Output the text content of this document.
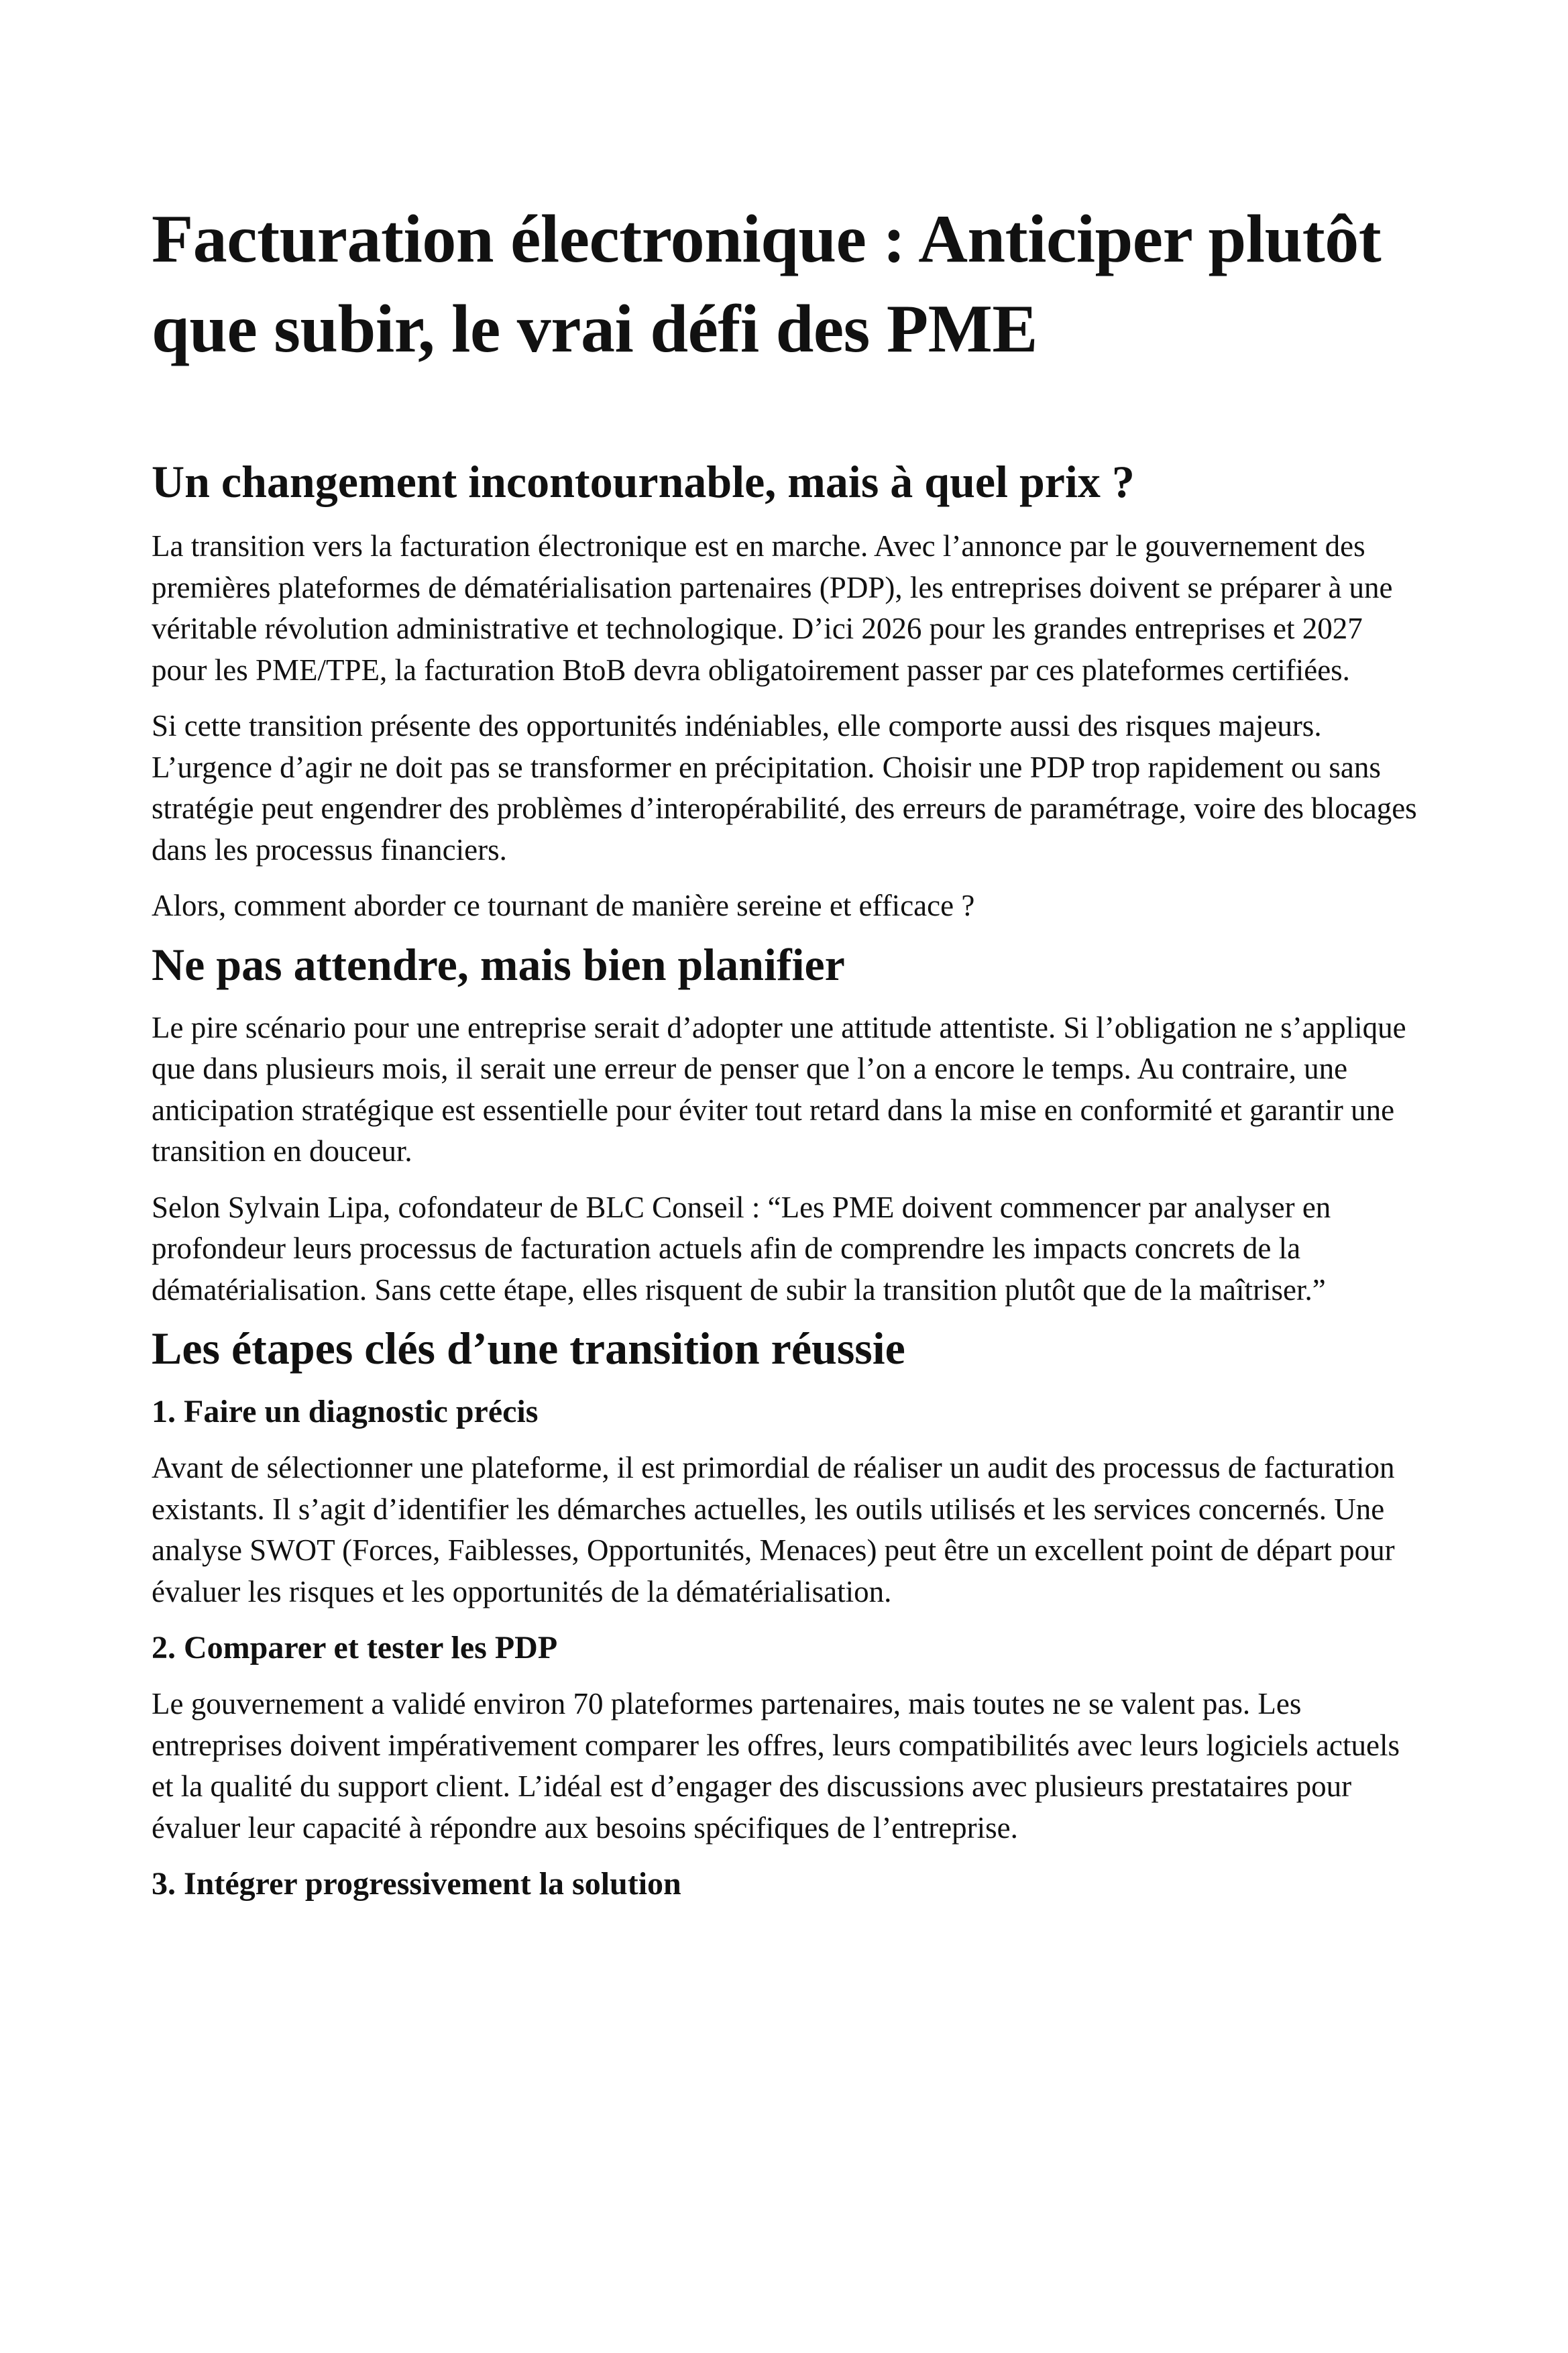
Facturation électronique : Anticiper plutôt que subir, le vrai défi des PME
Un changement incontournable, mais à quel prix ?

La transition vers la facturation électronique est en marche. Avec l’annonce par le gouvernement des premières plateformes de dématérialisation partenaires (PDP), les entreprises doivent se préparer à une véritable révolution administrative et technologique. D’ici 2026 pour les grandes entreprises et 2027 pour les PME/TPE, la facturation BtoB devra obligatoirement passer par ces plateformes certifiées.

Si cette transition présente des opportunités indéniables, elle comporte aussi des risques majeurs. L’urgence d’agir ne doit pas se transformer en précipitation. Choisir une PDP trop rapidement ou sans stratégie peut engendrer des problèmes d’interopérabilité, des erreurs de paramétrage, voire des blocages dans les processus financiers.

Alors, comment aborder ce tournant de manière sereine et efficace ?

Ne pas attendre, mais bien planifier

Le pire scénario pour une entreprise serait d’adopter une attitude attentiste. Si l’obligation ne s’applique que dans plusieurs mois, il serait une erreur de penser que l’on a encore le temps. Au contraire, une anticipation stratégique est essentielle pour éviter tout retard dans la mise en conformité et garantir une transition en douceur.

Selon Sylvain Lipa, cofondateur de BLC Conseil : “Les PME doivent commencer par analyser en profondeur leurs processus de facturation actuels afin de comprendre les impacts concrets de la dématérialisation. Sans cette étape, elles risquent de subir la transition plutôt que de la maîtriser.”

Les étapes clés d’une transition réussie
1. Faire un diagnostic précis

Avant de sélectionner une plateforme, il est primordial de réaliser un audit des processus de facturation existants. Il s’agit d’identifier les démarches actuelles, les outils utilisés et les services concernés. Une analyse SWOT (Forces, Faiblesses, Opportunités, Menaces) peut être un excellent point de départ pour évaluer les risques et les opportunités de la dématérialisation.

2. Comparer et tester les PDP

Le gouvernement a validé environ 70 plateformes partenaires, mais toutes ne se valent pas. Les entreprises doivent impérativement comparer les offres, leurs compatibilités avec leurs logiciels actuels et la qualité du support client. L’idéal est d’engager des discussions avec plusieurs prestataires pour évaluer leur capacité à répondre aux besoins spécifiques de l’entreprise.

3. Intégrer progressivement la solution
